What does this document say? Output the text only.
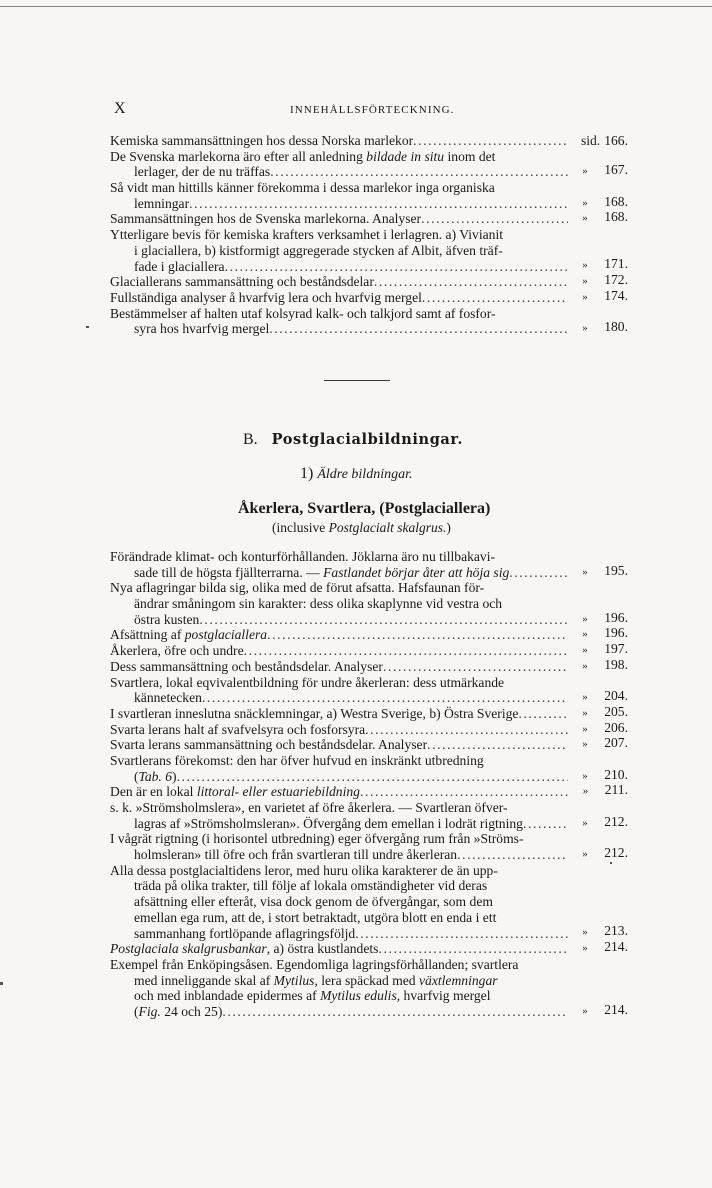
X	INNEHÅLLSFÖRTECKNING.
Kemiska sammansättningen hos dessa Norska marlekor .....	sid. 166.
De Svenska marlekorna äro efter all anledning bildade in situ inom det
lerlager, der de nu träffas .....	» 167.
Så vidt man hittills känner förekomma i dessa marlekor inga organiska
lemningar .....	» 168.
Sammansättningen hos de Svenska marlekorna. Analyser .....	» 168.
Ytterligare bevis för kemiska krafters verksamhet i lerlagren. a) Vivianit
i glaciallera, b) kistformigt aggregerade stycken af Albit, äfven träf-
fade i glaciallera .....	» 171.
Glaciallerans sammansättning och beståndsdelar .....	» 172.
Fullständiga analyser å hvarfvig lera och hvarfvig mergel .....	» 174.
Bestämmelser af halten utaf kolsyrad kalk- och talkjord samt af fosfor-
syra hos hvarfvig mergel .....	» 180.
B. Postglacialbildningar.
1) Äldre bildningar.
Åkerlera, Svartlera, (Postglaciallera)
(inclusive Postglacialt skalgrus.)
Förändrade klimat- och konturförhållanden. Jöklarna äro nu tillbakavi-
sade till de högsta fjällterrarna. — Fastlandet börjar åter att höja sig .....	» 195.
Nya aflagringar bilda sig, olika med de förut afsatta. Hafsfaunan för-
ändrar småningom sin karakter: dess olika skaplynne vid vestra och
östra kusten .....	» 196.
Afsättning af postglaciallera .....	» 196.
Åkerlera, öfre och undre .....	» 197.
Dess sammansättning och beståndsdelar. Analyser .....	» 198.
Svartlera, lokal eqvivalentbildning för undre åkerleran: dess utmärkande
kännetecken .....	» 204.
I svartleran inneslutna snäcklemningar, a) Westra Sverige, b) Östra Sverige .....	» 205.
Svarta lerans halt af svafvelsyra och fosforsyra .....	» 206.
Svarta lerans sammansättning och beståndsdelar. Analyser .....	» 207.
Svartlerans förekomst: den har öfver hufvud en inskränkt utbredning
(Tab. 6) .....	» 210.
Den är en lokal littoral- eller estuariebildning .....	» 211.
s. k. »Strömsholmslera», en varietet af öfre åkerlera. — Svartleran öfver-
lagras af »Strömsholmsleran». Öfvergång dem emellan i lodrät rigtning .....	» 212.
I vågrät rigtning (i horisontel utbredning) eger öfvergång rum från »Ströms-
holmsleran» till öfre och från svartleran till undre åkerleran .....	» 212.
Alla dessa postglacialtidens leror, med huru olika karakterer de än upp-
träda på olika trakter, till följe af lokala omständigheter vid deras
afsättning eller efteråt, visa dock genom de öfvergångar, som dem
emellan ega rum, att de, i stort betraktadt, utgöra blott en enda i ett
sammanhang fortlöpande aflagringsföljd .....	» 213.
Postglaciala skalgrusbankar, a) östra kustlandets .....	» 214.
Exempel från Enköpingsåsen. Egendomliga lagringsförhållanden; svartlera
med inneliggande skal af Mytilus, lera späckad med växtlemningar
och med inblandade epidermes af Mytilus edulis, hvarfvig mergel
(Fig. 24 och 25) .....	» 214.
